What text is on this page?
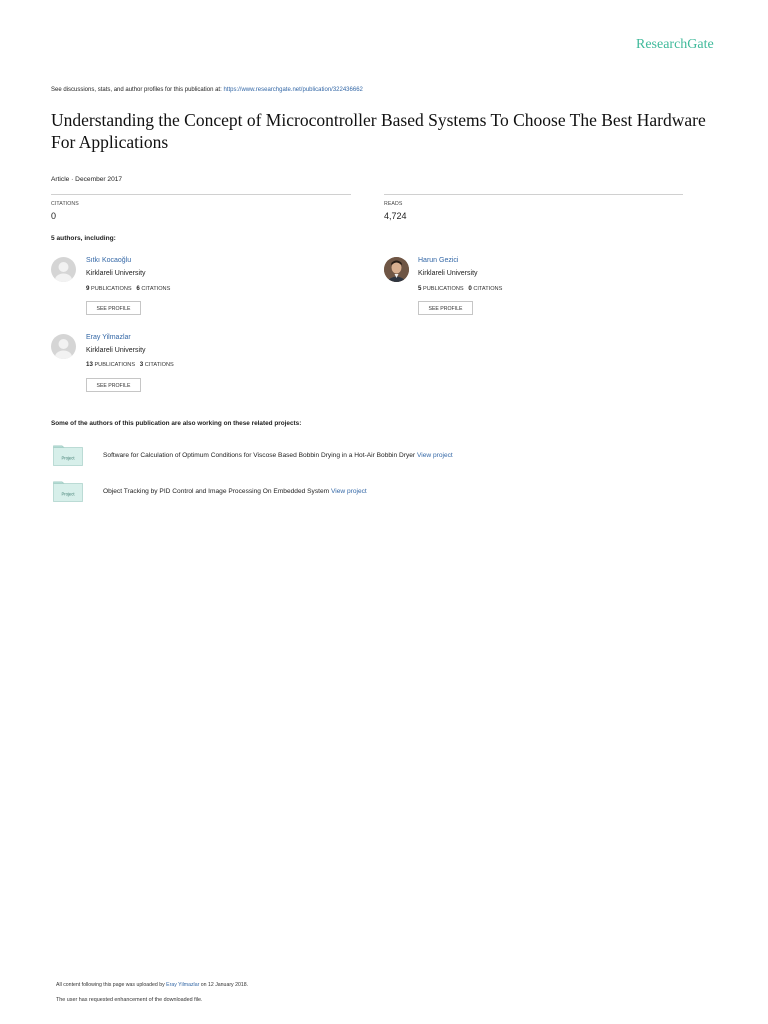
ResearchGate
See discussions, stats, and author profiles for this publication at: https://www.researchgate.net/publication/322436662
Understanding the Concept of Microcontroller Based Systems To Choose The Best Hardware For Applications
Article · December 2017
CITATIONS
0
READS
4,724
5 authors, including:
Sıtkı Kocaoğlu
Kirklareli University
9 PUBLICATIONS 6 CITATIONS
SEE PROFILE
Harun Gezici
Kirklareli University
5 PUBLICATIONS 0 CITATIONS
SEE PROFILE
Eray Yilmazlar
Kirklareli University
13 PUBLICATIONS 3 CITATIONS
SEE PROFILE
Some of the authors of this publication are also working on these related projects:
Project	Software for Calculation of Optimum Conditions for Viscose Based Bobbin Drying in a Hot-Air Bobbin Dryer View project
Project	Object Tracking by PID Control and Image Processing On Embedded System View project
All content following this page was uploaded by Eray Yilmazlar on 12 January 2018.
The user has requested enhancement of the downloaded file.
